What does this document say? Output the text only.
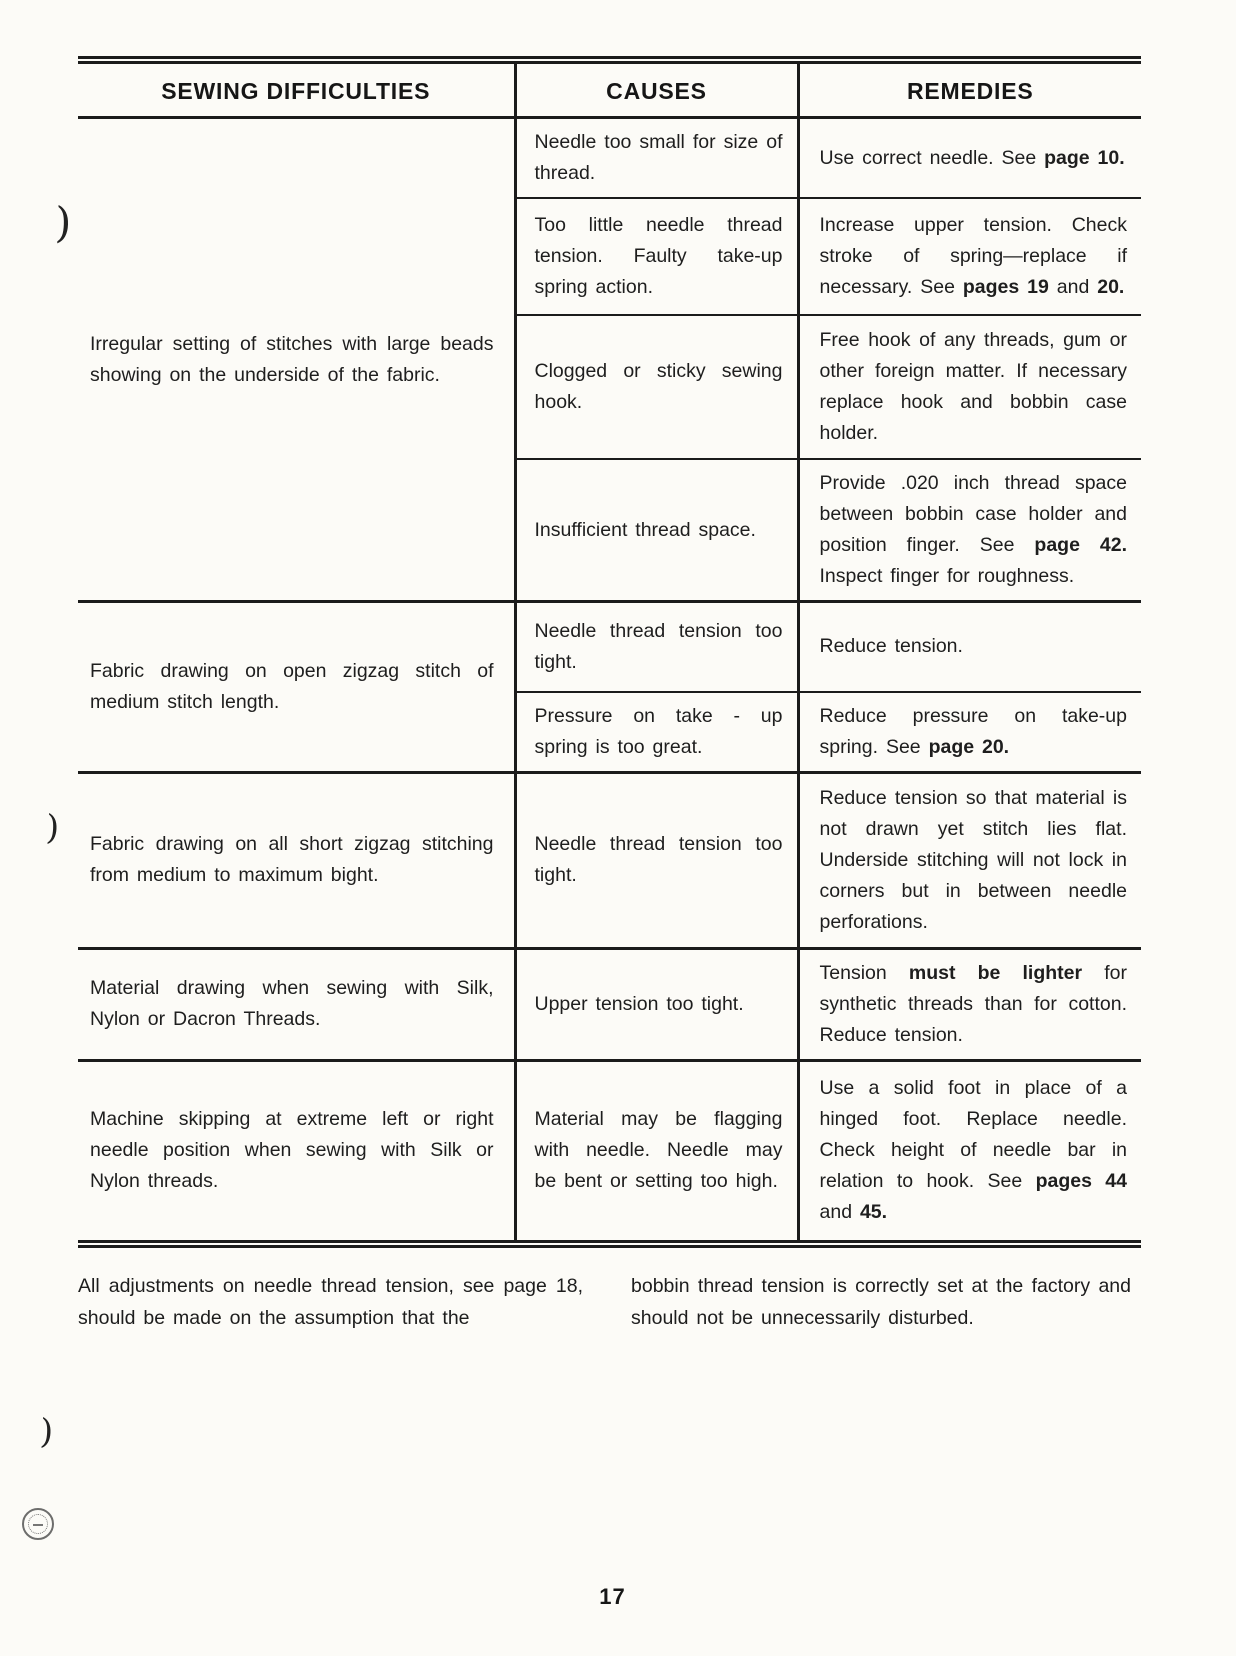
)
)
)
SEWING DIFFICULTIES	CAUSES	REMEDIES
Irregular setting of stitches with large beads showing on the underside of the fabric.	Needle too small for size of thread.	Use correct needle. See page 10.
	Too little needle thread tension. Faulty take-up spring action.	Increase upper tension. Check stroke of spring—replace if necessary. See pages 19 and 20.
	Clogged or sticky sewing hook.	Free hook of any threads, gum or other foreign matter. If necessary replace hook and bobbin case holder.
	Insufficient thread space.	Provide .020 inch thread space between bobbin case holder and position finger. See page 42. Inspect finger for roughness.
Fabric drawing on open zigzag stitch of medium stitch length.	Needle thread tension too tight.	Reduce tension.
	Pressure on take - up spring is too great.	Reduce pressure on take-up spring. See page 20.
Fabric drawing on all short zigzag stitching from medium to maximum bight.	Needle thread tension too tight.	Reduce tension so that material is not drawn yet stitch lies flat. Underside stitching will not lock in corners but in between needle perforations.
Material drawing when sewing with Silk, Nylon or Dacron Threads.	Upper tension too tight.	Tension must be lighter for synthetic threads than for cotton. Reduce tension.
Machine skipping at extreme left or right needle position when sewing with Silk or Nylon threads.	Material may be flagging with needle. Needle may be bent or setting too high.	Use a solid foot in place of a hinged foot. Replace needle. Check height of needle bar in relation to hook. See pages 44 and 45.

All adjustments on needle thread tension, see page 18, should be made on the assumption that the

bobbin thread tension is correctly set at the factory and should not be unnecessarily disturbed.

17
